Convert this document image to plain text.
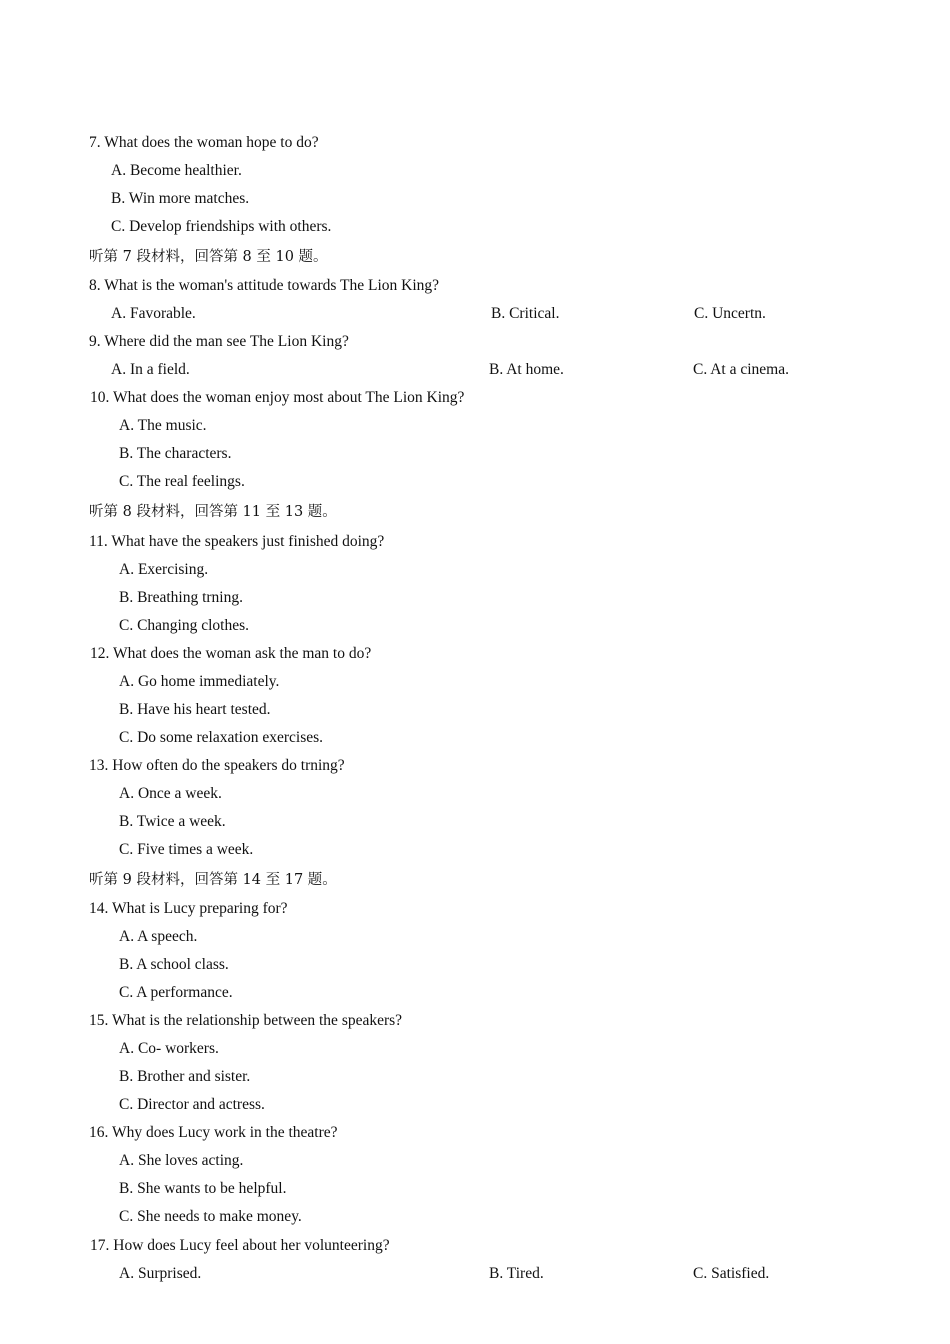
7. What does the woman hope to do?
A. Become healthier.
B. Win more matches.
C. Develop friendships with others.
听第 7 段材料，回答第 8 至 10 题。
8. What is the woman's attitude towards The Lion King?
A. Favorable.	B. Critical.	C. Uncertn.
9. Where did the man see The Lion King?
A. In a field.	B. At home.	C. At a cinema.
10. What does the woman enjoy most about The Lion King?
A. The music.
B. The characters.
C. The real feelings.
听第 8 段材料，回答第 11 至 13 题。
11. What have the speakers just finished doing?
A. Exercising.
B. Breathing trning.
C. Changing clothes.
12. What does the woman ask the man to do?
A. Go home immediately.
B. Have his heart tested.
C. Do some relaxation exercises.
13. How often do the speakers do trning?
A. Once a week.
B. Twice a week.
C. Five times a week.
听第 9 段材料，回答第 14 至 17 题。
14. What is Lucy preparing for?
A. A speech.
B. A school class.
C. A performance.
15. What is the relationship between the speakers?
A. Co- workers.
B. Brother and sister.
C. Director and actress.
16. Why does Lucy work in the theatre?
A. She loves acting.
B. She wants to be helpful.
C. She needs to make money.
17. How does Lucy feel about her volunteering?
A. Surprised.	B. Tired.	C. Satisfied.
